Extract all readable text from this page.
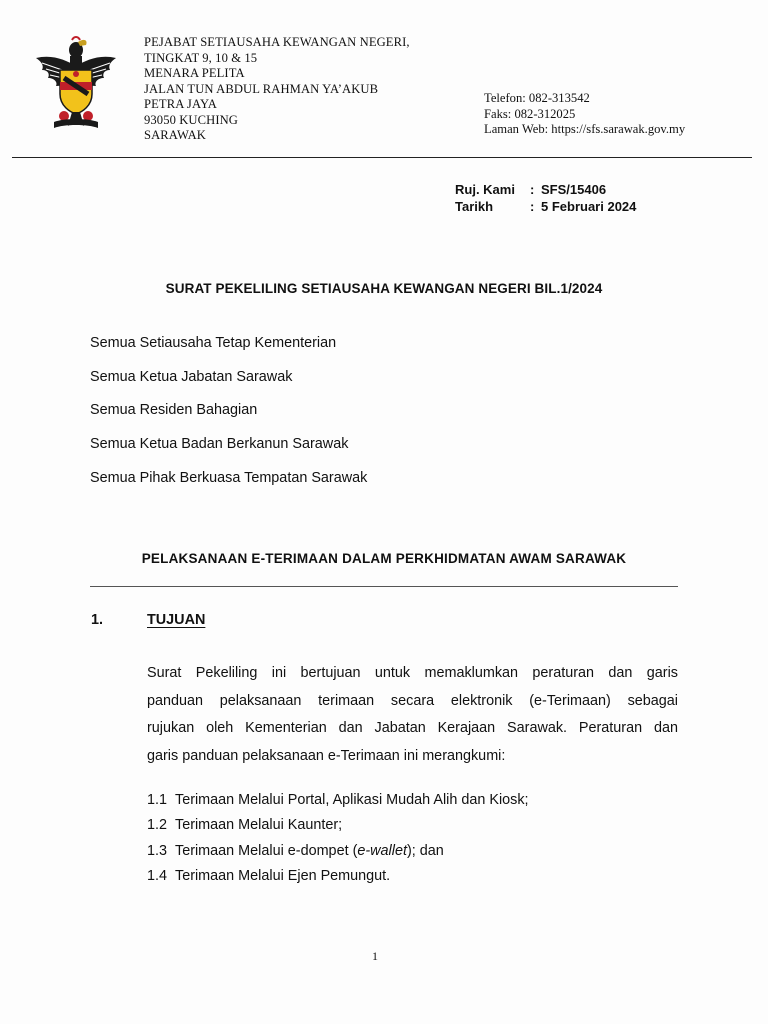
PEJABAT SETIAUSAHA KEWANGAN NEGERI,
TINGKAT 9, 10 & 15
MENARA PELITA
JALAN TUN ABDUL RAHMAN YA’AKUB
PETRA JAYA
93050 KUCHING
SARAWAK
Telefon: 082-313542
Faks: 082-312025
Laman Web: https://sfs.sarawak.gov.my
Ruj. Kami	: SFS/15406
Tarikh	: 5 Februari 2024
SURAT PEKELILING SETIAUSAHA KEWANGAN NEGERI BIL.1/2024
Semua Setiausaha Tetap Kementerian
Semua Ketua Jabatan Sarawak
Semua Residen Bahagian
Semua Ketua Badan Berkanun Sarawak
Semua Pihak Berkuasa Tempatan Sarawak
PELAKSANAAN E-TERIMAAN DALAM PERKHIDMATAN AWAM SARAWAK
1.	TUJUAN
Surat Pekeliling ini bertujuan untuk memaklumkan peraturan dan garis
panduan pelaksanaan terimaan secara elektronik (e-Terimaan) sebagai
rujukan oleh Kementerian dan Jabatan Kerajaan Sarawak. Peraturan dan
garis panduan pelaksanaan e-Terimaan ini merangkumi:
1.1 Terimaan Melalui Portal, Aplikasi Mudah Alih dan Kiosk;
1.2 Terimaan Melalui Kaunter;
1.3 Terimaan Melalui e-dompet (e-wallet); dan
1.4 Terimaan Melalui Ejen Pemungut.
1
